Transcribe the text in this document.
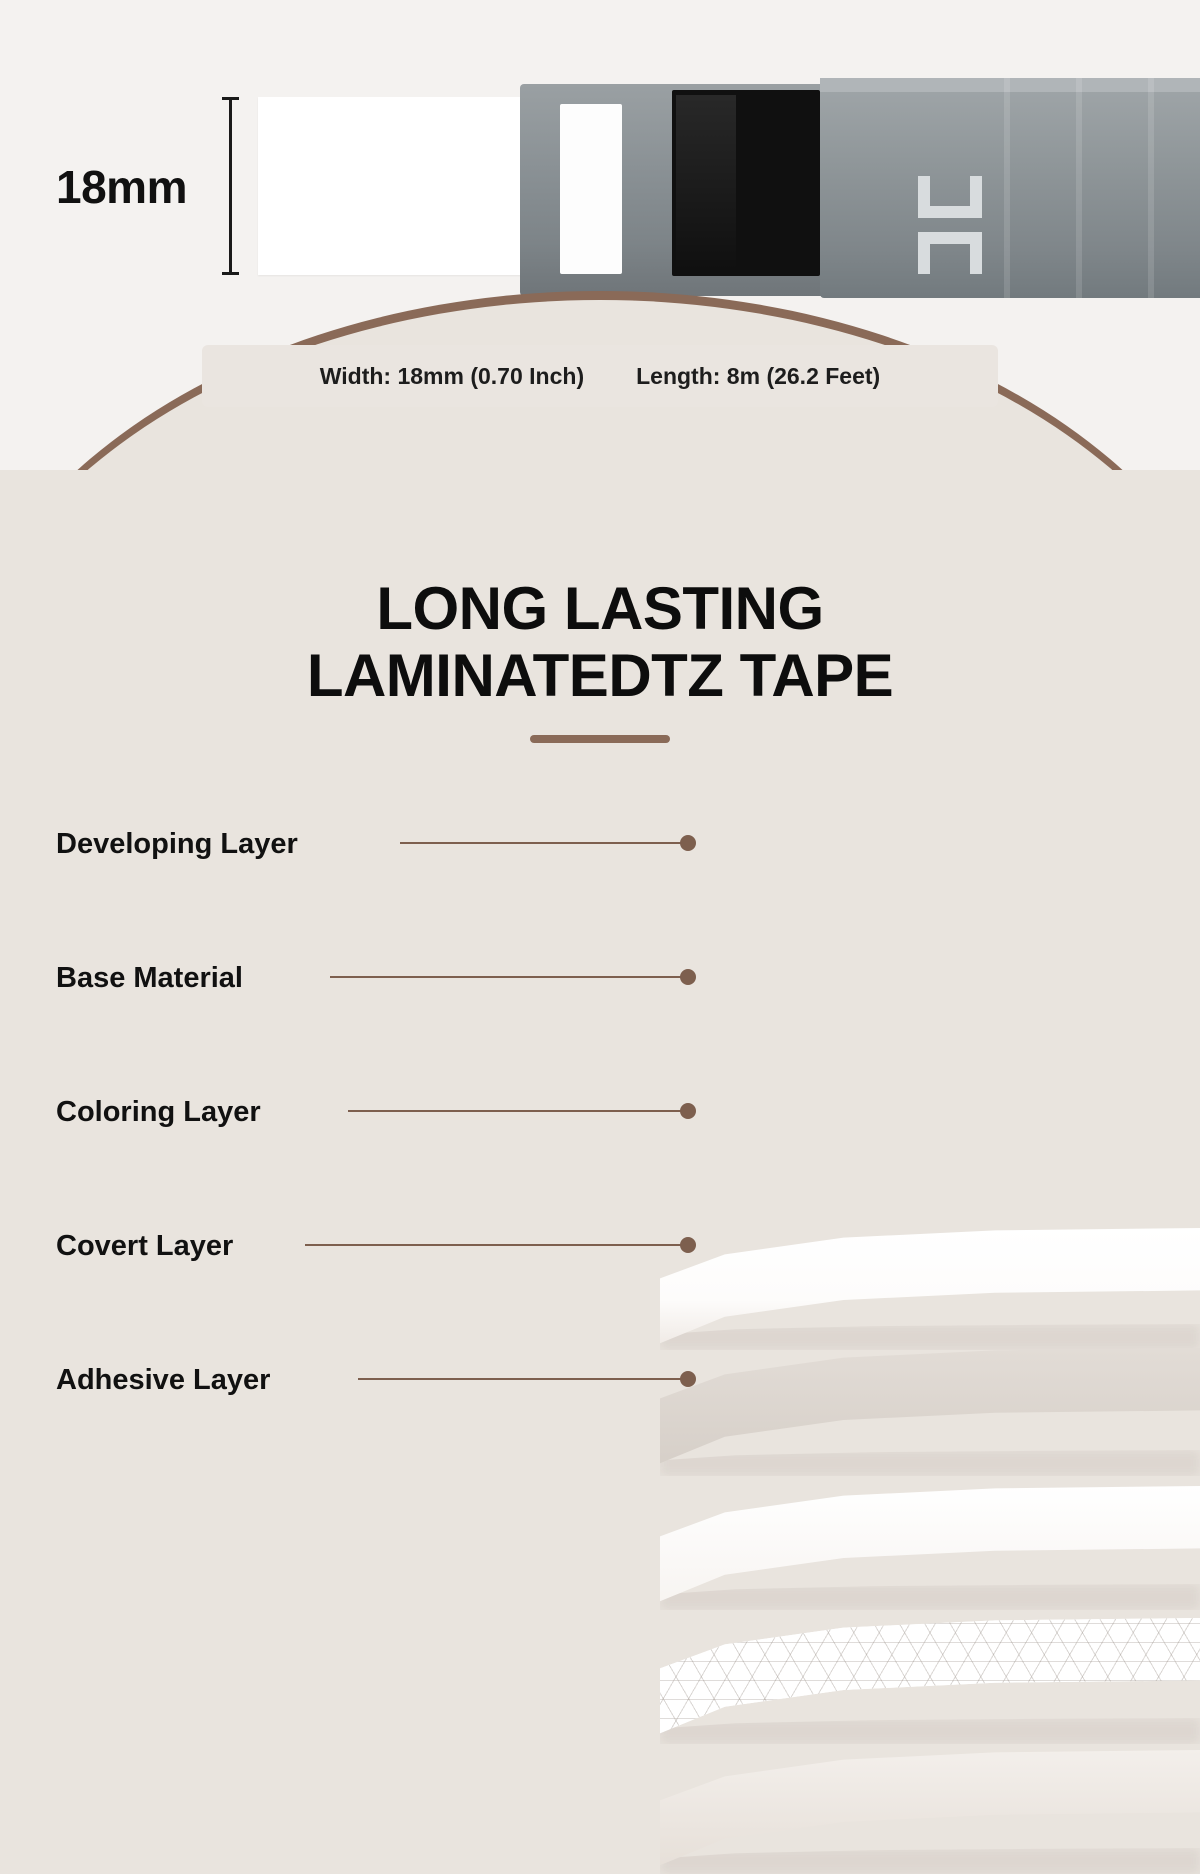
18mm
Width: 18mm (0.70 Inch) Length: 8m (26.2 Feet)
LONG LASTING
LAMINATEDTZ TAPE
Developing Layer
Base Material
Coloring Layer
Covert Layer
Adhesive Layer
